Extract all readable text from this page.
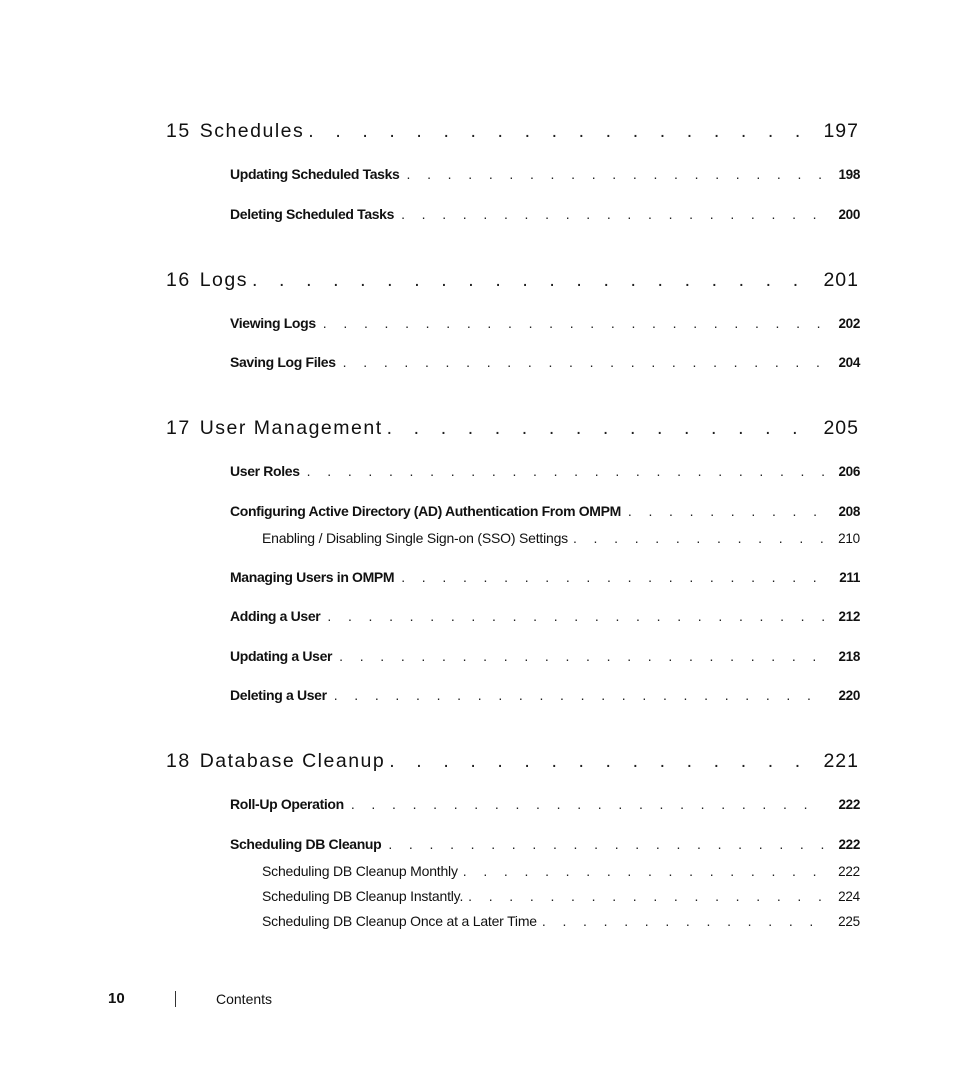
15 Schedules . . .	197
Updating Scheduled Tasks . . .	198
Deleting Scheduled Tasks . . .	200
16 Logs . . .	201
Viewing Logs . . .	202
Saving Log Files . . .	204
17 User Management . . .	205
User Roles . . .	206
Configuring Active Directory (AD) Authentication From OMPM . . .	208
Enabling / Disabling Single Sign-on (SSO) Settings . . .	210
Managing Users in OMPM . . .	211
Adding a User . . .	212
Updating a User . . .	218
Deleting a User . . .	220
18 Database Cleanup . . .	221
Roll-Up Operation . . .	222
Scheduling DB Cleanup . . .	222
Scheduling DB Cleanup Monthly . . .	222
Scheduling DB Cleanup Instantly. . . .	224
Scheduling DB Cleanup Once at a Later Time . . .	225
10	Contents
